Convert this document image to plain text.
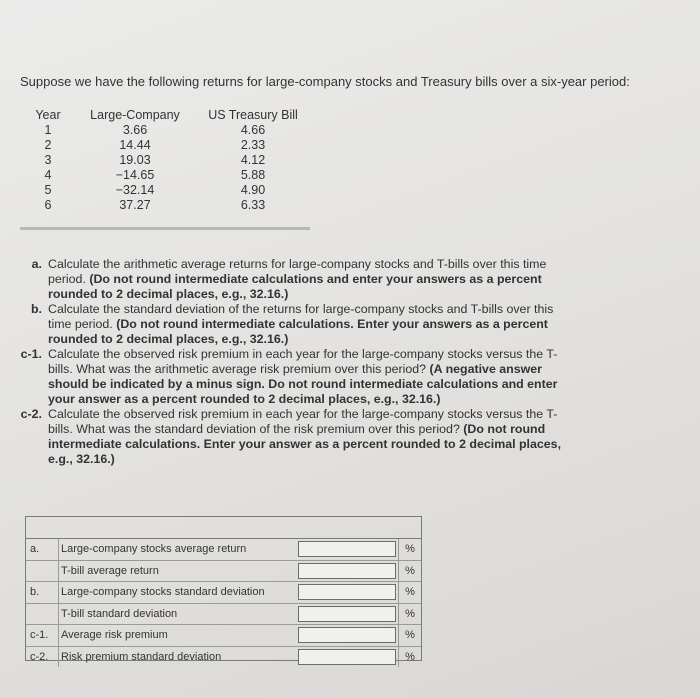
Suppose we have the following returns for large-company stocks and Treasury bills over a six-year period:
Year	Large-Company	US Treasury Bill
1	3.66	4.66
2	14.44	2.33
3	19.03	4.12
4	−14.65	5.88
5	−32.14	4.90
6	37.27	6.33
a. Calculate the arithmetic average returns for large-company stocks and T-bills over this time period. (Do not round intermediate calculations and enter your answers as a percent rounded to 2 decimal places, e.g., 32.16.)
b. Calculate the standard deviation of the returns for large-company stocks and T-bills over this time period. (Do not round intermediate calculations. Enter your answers as a percent rounded to 2 decimal places, e.g., 32.16.)
c-1. Calculate the observed risk premium in each year for the large-company stocks versus the T-bills. What was the arithmetic average risk premium over this period? (A negative answer should be indicated by a minus sign. Do not round intermediate calculations and enter your answer as a percent rounded to 2 decimal places, e.g., 32.16.)
c-2. Calculate the observed risk premium in each year for the large-company stocks versus the T-bills. What was the standard deviation of the risk premium over this period? (Do not round intermediate calculations. Enter your answer as a percent rounded to 2 decimal places, e.g., 32.16.)
a.	Large-company stocks average return	%
T-bill average return	%
b.	Large-company stocks standard deviation	%
T-bill standard deviation	%
c-1.	Average risk premium	%
c-2.	Risk premium standard deviation	%
